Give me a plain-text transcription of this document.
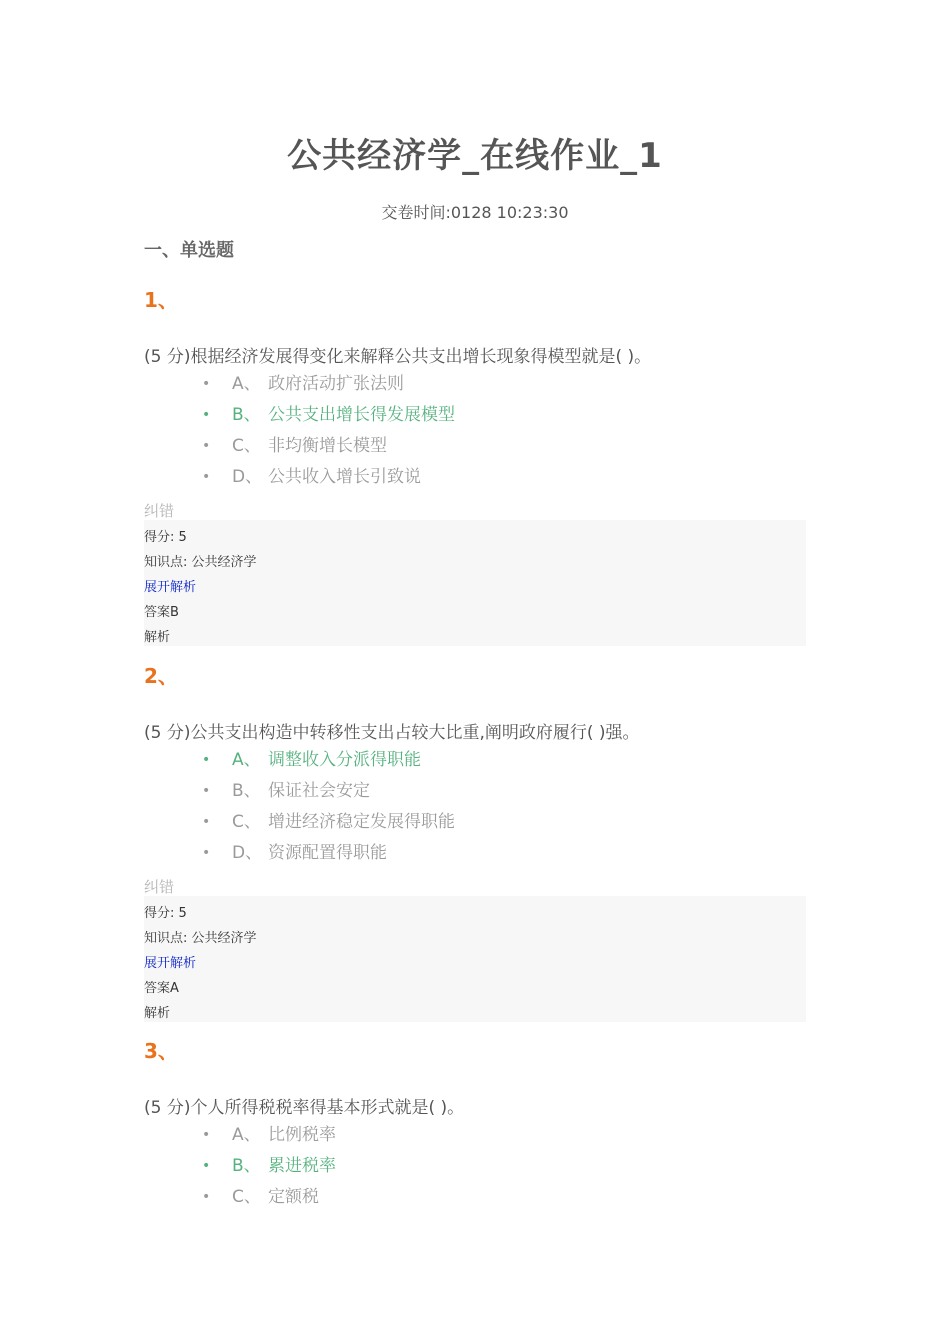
公共经济学_在线作业_1
交卷时间:0128 10:23:30
一、单选题
1、
(5 分)根据经济发展得变化来解释公共支出增长现象得模型就是( )。
• A、 政府活动扩张法则
• B、 公共支出增长得发展模型
• C、 非均衡增长模型
• D、 公共收入增长引致说
纠错
得分: 5
知识点: 公共经济学
展开解析
答案B
解析
2、
(5 分)公共支出构造中转移性支出占较大比重,阐明政府履行( )强。
• A、 调整收入分派得职能
• B、 保证社会安定
• C、 增进经济稳定发展得职能
• D、 资源配置得职能
纠错
得分: 5
知识点: 公共经济学
展开解析
答案A
解析
3、
(5 分)个人所得税税率得基本形式就是( )。
• A、 比例税率
• B、 累进税率
• C、 定额税
